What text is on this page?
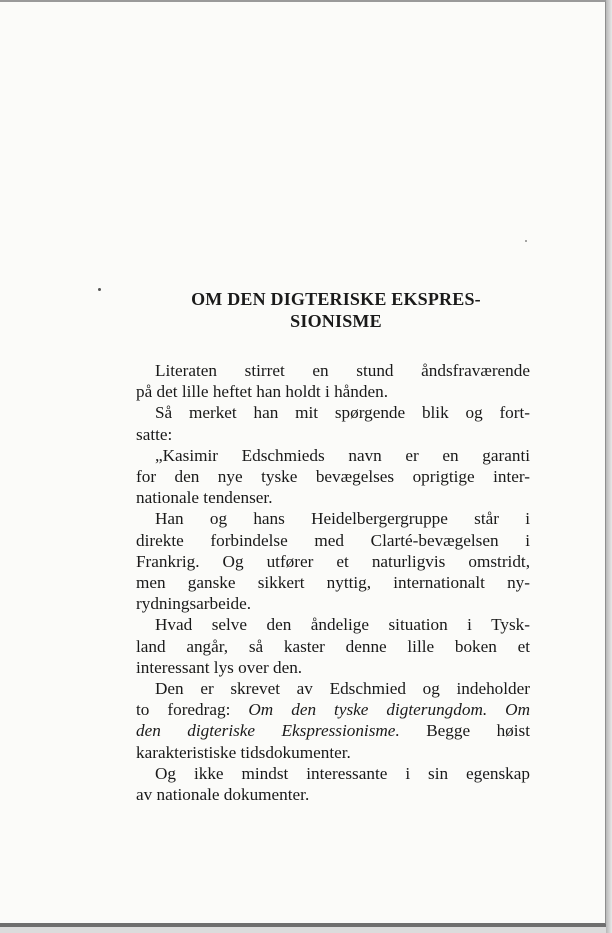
OM DEN DIGTERISKE EKSPRES-
SIONISME

Literaten stirret en stund åndsfraværende
på det lille heftet han holdt i hånden.

Så merket han mit spørgende blik og fort-
satte:

„Kasimir Edschmieds navn er en garanti
for den nye tyske bevægelses oprigtige inter-
nationale tendenser.

Han og hans Heidelbergergruppe står i
direkte forbindelse med Clarté-bevægelsen i
Frankrig. Og utfører et naturligvis omstridt,
men ganske sikkert nyttig, internationalt ny-
rydningsarbeide.

Hvad selve den åndelige situation i Tysk-
land angår, så kaster denne lille boken et
interessant lys over den.

Den er skrevet av Edschmied og indeholder
to foredrag: Om den tyske digterungdom. Om
den digteriske Ekspressionisme. Begge høist
karakteristiske tidsdokumenter.

Og ikke mindst interessante i sin egenskap
av nationale dokumenter.
